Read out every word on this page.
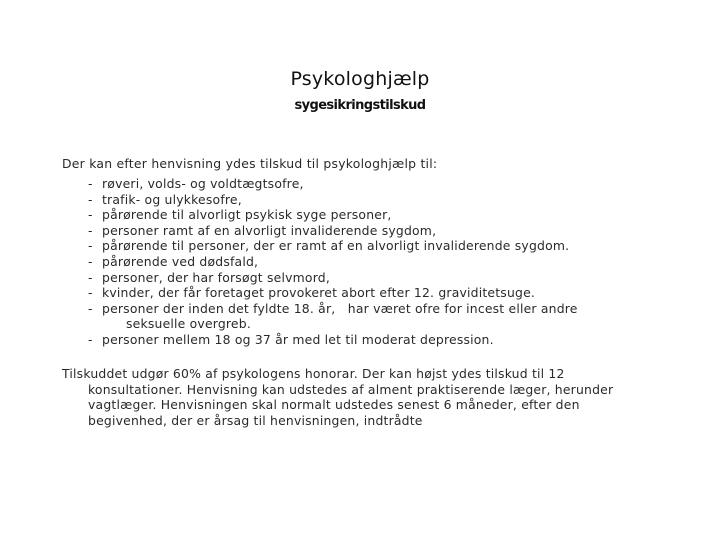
Psykologhjælp
sygesikringstilskud
Der kan efter henvisning ydes tilskud til psykologhjælp til:
- røveri, volds- og voldtægtsofre,
- trafik- og ulykkesofre,
- pårørende til alvorligt psykisk syge personer,
- personer ramt af en alvorligt invaliderende sygdom,
- pårørende til personer, der er ramt af en alvorligt invaliderende sygdom.
- pårørende ved dødsfald,
- personer, der har forsøgt selvmord,
- kvinder, der får foretaget provokeret abort efter 12. graviditetsuge.
- personer der inden det fyldte 18. år,   har været ofre for incest eller andre
seksuelle overgreb.
- personer mellem 18 og 37 år med let til moderat depression.
Tilskuddet udgør 60% af psykologens honorar. Der kan højst ydes tilskud til 12
konsultationer. Henvisning kan udstedes af alment praktiserende læger, herunder
vagtlæger. Henvisningen skal normalt udstedes senest 6 måneder, efter den
begivenhed, der er årsag til henvisningen, indtrådte
